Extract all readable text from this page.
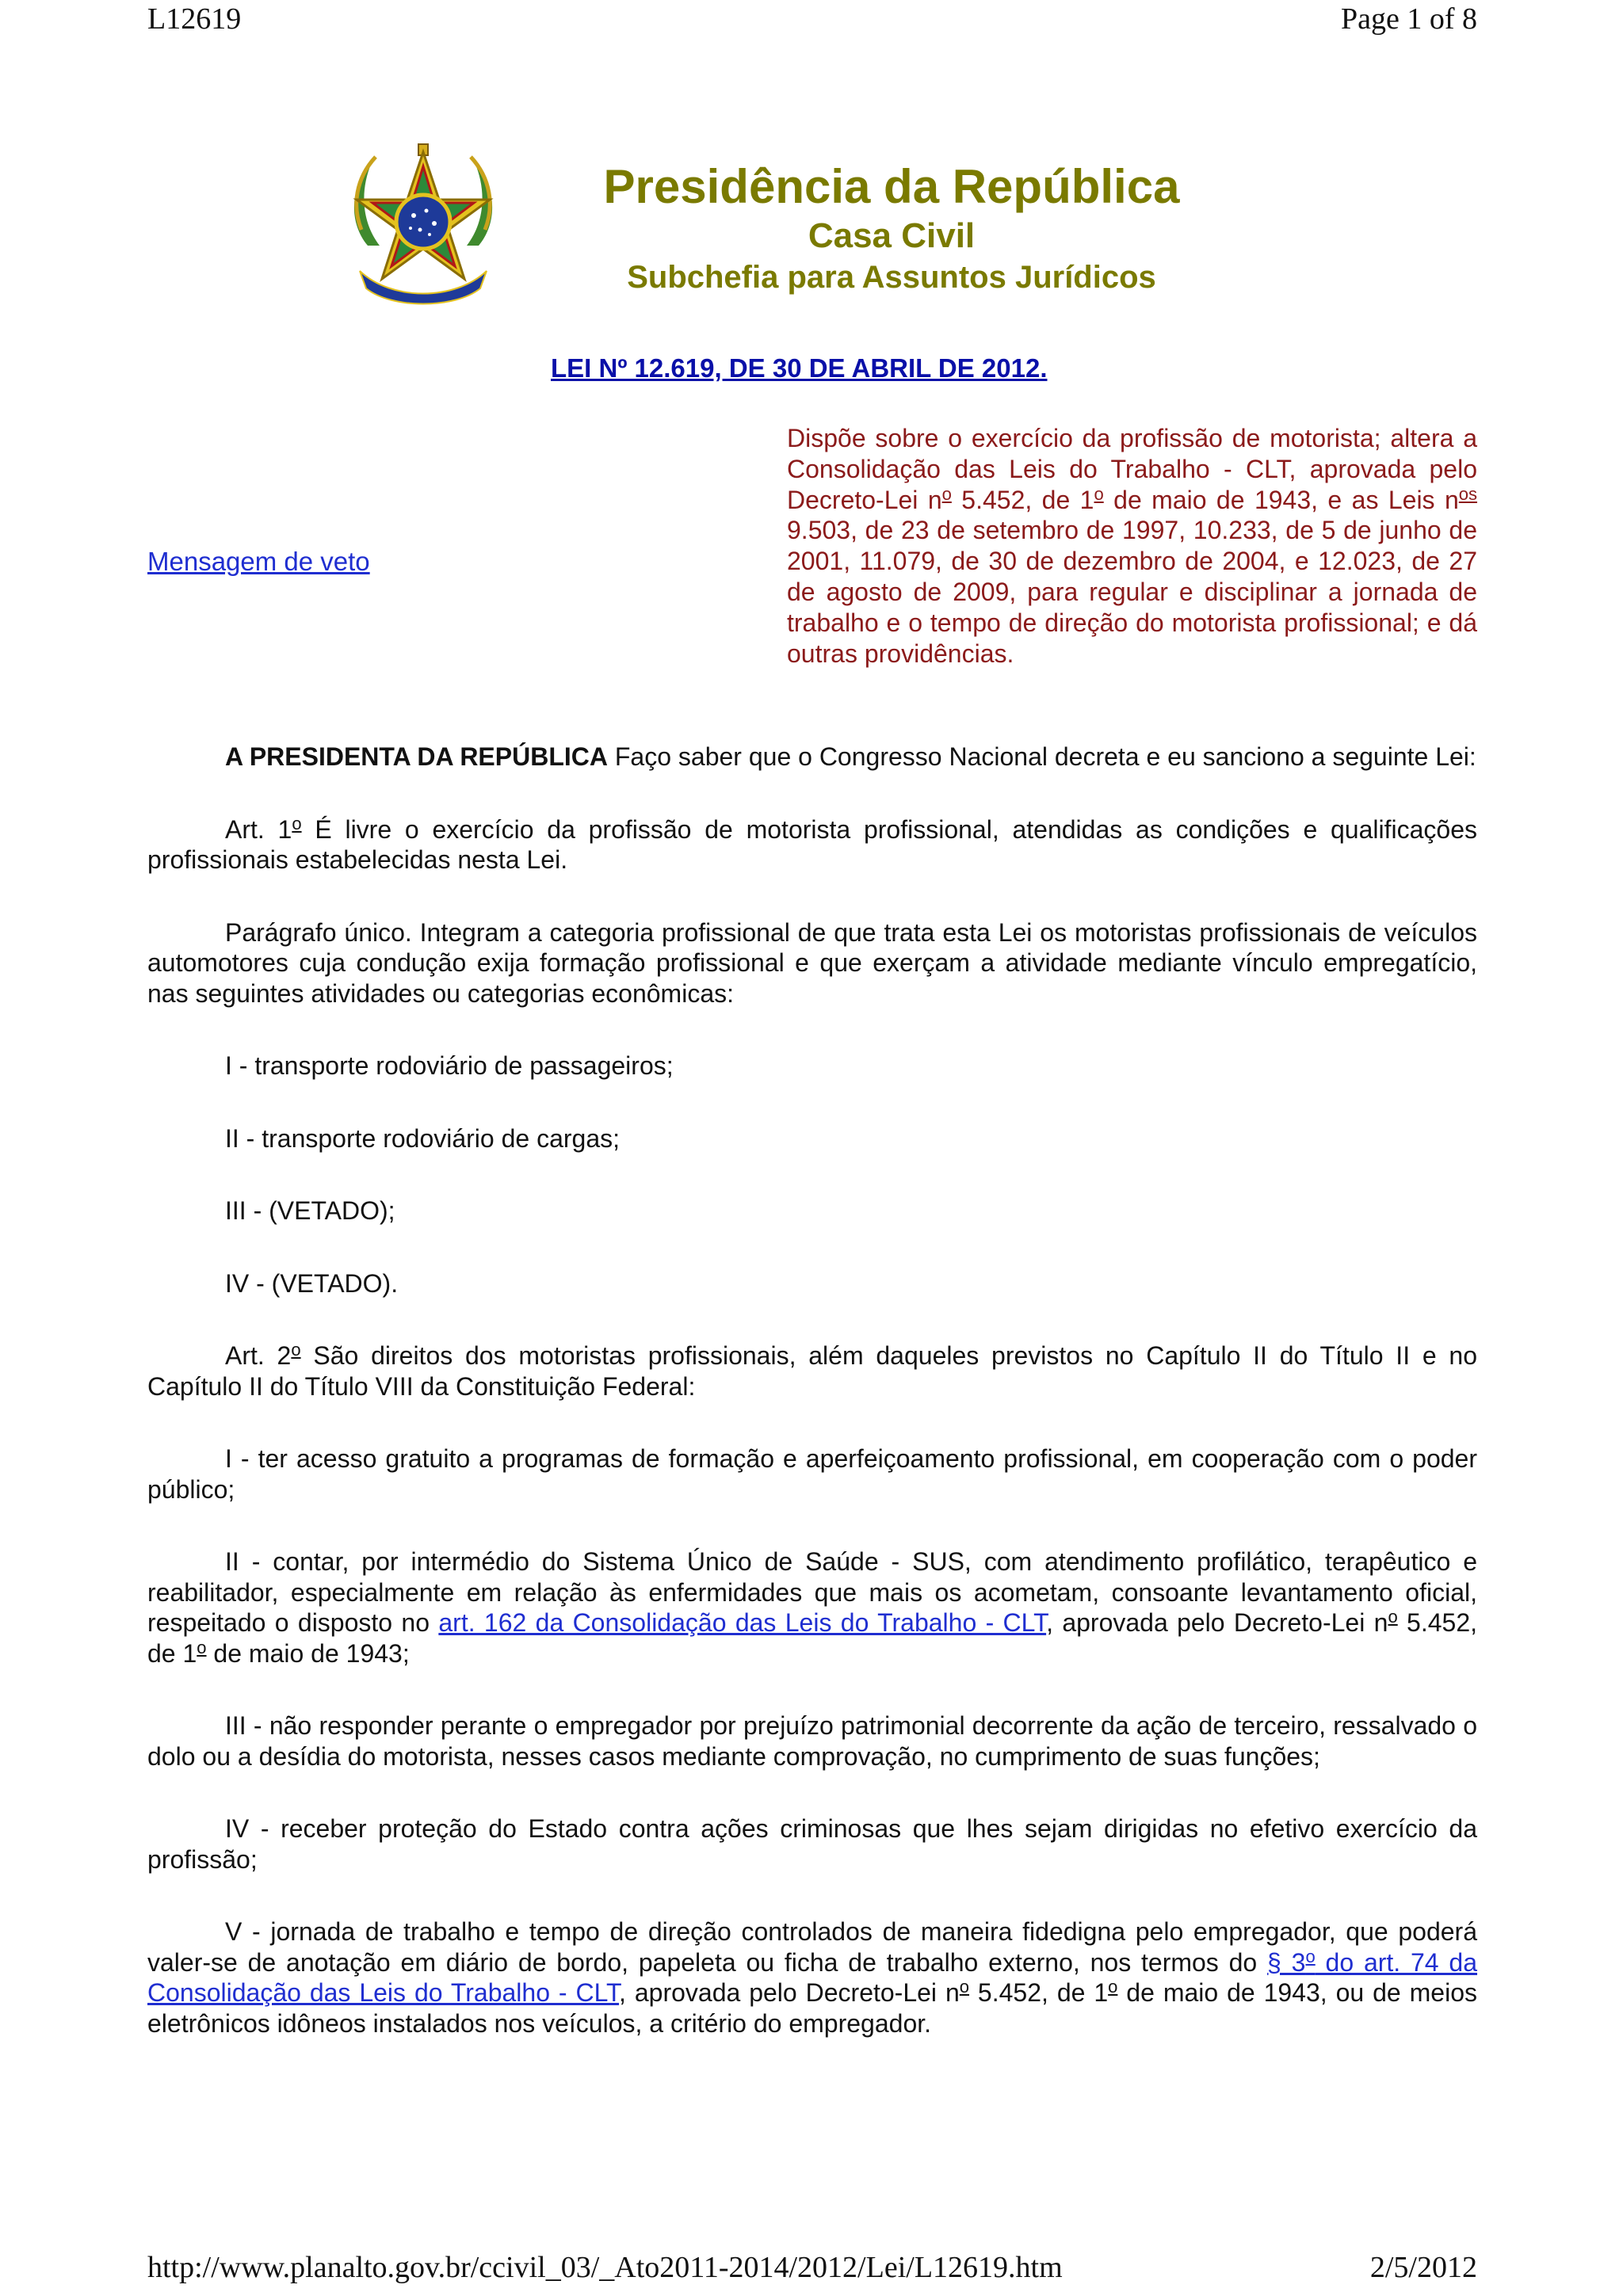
L12619	Page 1 of 8
Presidência da República
Casa Civil
Subchefia para Assuntos Jurídicos
LEI Nº 12.619, DE 30 DE ABRIL DE 2012.
Mensagem de veto
Dispõe sobre o exercício da profissão de motorista; altera a Consolidação das Leis do Trabalho - CLT, aprovada pelo Decreto-Lei $n^o$ 5.452, de 1$^o$ de maio de 1943, e as Leis $n^{os}$ 9.503, de 23 de setembro de 1997, 10.233, de 5 de junho de 2001, 11.079, de 30 de dezembro de 2004, e 12.023, de 27 de agosto de 2009, para regular e disciplinar a jornada de trabalho e o tempo de direção do motorista profissional; e dá outras providências.

A PRESIDENTA DA REPÚBLICA Faço saber que o Congresso Nacional decreta e eu sanciono a seguinte Lei:

Art. 1$^o$ É livre o exercício da profissão de motorista profissional, atendidas as condições e qualificações profissionais estabelecidas nesta Lei.

Parágrafo único. Integram a categoria profissional de que trata esta Lei os motoristas profissionais de veículos automotores cuja condução exija formação profissional e que exerçam a atividade mediante vínculo empregatício, nas seguintes atividades ou categorias econômicas:

I - transporte rodoviário de passageiros;

II - transporte rodoviário de cargas;

III - (VETADO);

IV - (VETADO).

Art. 2$^o$ São direitos dos motoristas profissionais, além daqueles previstos no Capítulo II do Título II e no Capítulo II do Título VIII da Constituição Federal:

I - ter acesso gratuito a programas de formação e aperfeiçoamento profissional, em cooperação com o poder público;

II - contar, por intermédio do Sistema Único de Saúde - SUS, com atendimento profilático, terapêutico e reabilitador, especialmente em relação às enfermidades que mais os acometam, consoante levantamento oficial, respeitado o disposto no art. 162 da Consolidação das Leis do Trabalho - CLT, aprovada pelo Decreto-Lei $n^o$ 5.452, de 1$^o$ de maio de 1943;

III - não responder perante o empregador por prejuízo patrimonial decorrente da ação de terceiro, ressalvado o dolo ou a desídia do motorista, nesses casos mediante comprovação, no cumprimento de suas funções;

IV - receber proteção do Estado contra ações criminosas que lhes sejam dirigidas no efetivo exercício da profissão;

V - jornada de trabalho e tempo de direção controlados de maneira fidedigna pelo empregador, que poderá valer-se de anotação em diário de bordo, papeleta ou ficha de trabalho externo, nos termos do § 3$^o$ do art. 74 da Consolidação das Leis do Trabalho - CLT, aprovada pelo Decreto-Lei $n^o$ 5.452, de 1$^o$ de maio de 1943, ou de meios eletrônicos idôneos instalados nos veículos, a critério do empregador.

http://www.planalto.gov.br/ccivil_03/_Ato2011-2014/2012/Lei/L12619.htm	2/5/2012
